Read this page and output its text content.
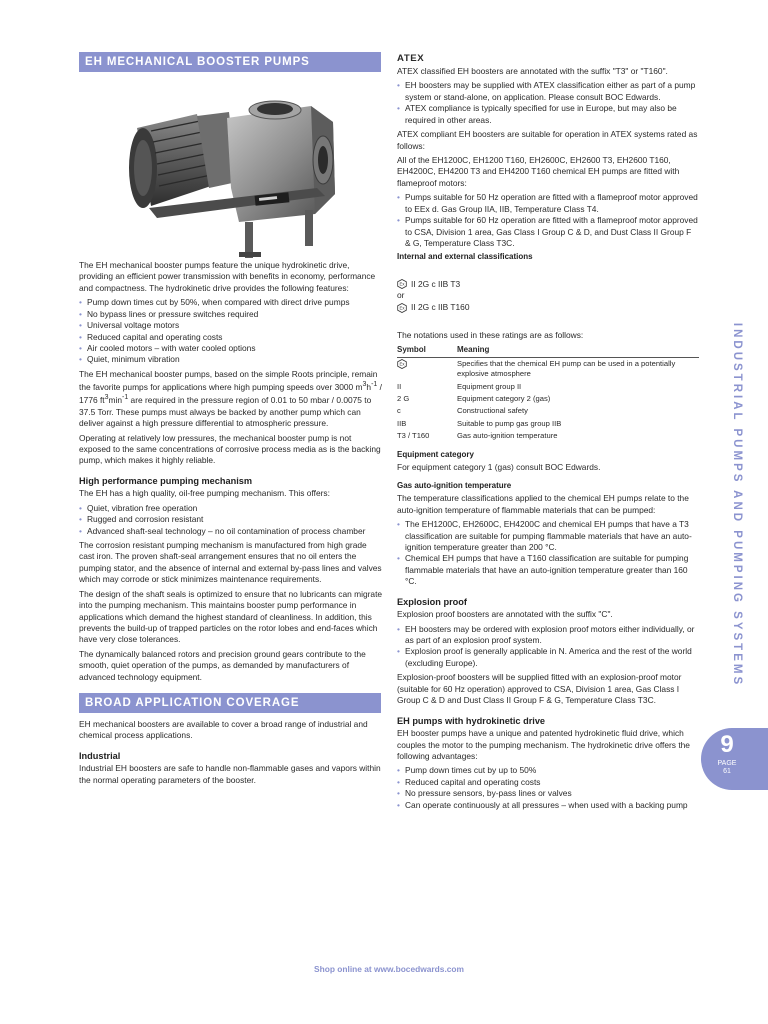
EH MECHANICAL BOOSTER PUMPS

The EH mechanical booster pumps feature the unique hydrokinetic drive, providing an efficient power transmission with benefits in economy, performance and compactness. The hydrokinetic drive provides the following features:

• Pump down times cut by 50%, when compared with direct drive pumps
• No bypass lines or pressure switches required
• Universal voltage motors
• Reduced capital and operating costs
• Air cooled motors – with water cooled options
• Quiet, minimum vibration

The EH mechanical booster pumps, based on the simple Roots principle, remain the favorite pumps for applications where high pumping speeds over 3000 $m^3h^{-1} / 1776$ $ft^3\min^{-1}$ are required in the pressure region of 0.01 to 50 mbar / 0.0075 to 37.5 Torr. These pumps must always be backed by another pump which can deliver against a high pressure differential to atmospheric pressure.

Operating at relatively low pressures, the mechanical booster pump is not exposed to the same concentrations of corrosive process media as is the backing pump, which makes it highly reliable.

High performance pumping mechanism

The EH has a high quality, oil-free pumping mechanism. This offers:

• Quiet, vibration free operation
• Rugged and corrosion resistant
• Advanced shaft-seal technology – no oil contamination of process chamber

The corrosion resistant pumping mechanism is manufactured from high grade cast iron. The proven shaft-seal arrangement ensures that no oil enters the pumping stator, and the absence of internal and external by-pass lines and valves which may corrode or stick minimizes maintenance requirements.

The design of the shaft seals is optimized to ensure that no lubricants can migrate into the pumping mechanism. This maintains booster pump performance in applications which demand the highest standard of cleanliness. In addition, this prevents the build-up of trapped particles on the rotor lobes and end-faces which have very close tolerances.

The dynamically balanced rotors and precision ground gears contribute to the smooth, quiet operation of the pumps, as demanded by manufacturers of advanced technology equipment.

BROAD APPLICATION COVERAGE

EH mechanical boosters are available to cover a broad range of industrial and chemical process applications.

Industrial

Industrial EH boosters are safe to handle non-flammable gases and vapors within the normal operating parameters of the booster.

ATEX

ATEX classified EH boosters are annotated with the suffix "T3" or "T160".

• EH boosters may be supplied with ATEX classification either as part of a pump system or stand-alone, on application. Please consult BOC Edwards.
• ATEX compliance is typically specified for use in Europe, but may also be required in other areas.

ATEX compliant EH boosters are suitable for operation in ATEX systems rated as follows:

All of the EH1200C, EH1200 T160, EH2600C, EH2600 T3, EH2600 T160, EH4200C, EH4200 T3 and EH4200 T160 chemical EH pumps are fitted with flameproof motors:

• Pumps suitable for 50 Hz operation are fitted with a flameproof motor approved to EEx d. Gas Group IIA, IIB, Temperature Class T4.
• Pumps suitable for 60 Hz operation are fitted with a flameproof motor approved to CSA, Division 1 area, Gas Class I Group C & D, and Dust Class II Group F & G, Temperature Class T3C.
Internal and external classifications
Ex II 2G c IIB T3
or
Ex II 2G c IIB T160

The notations used in these ratings are as follows:

Symbol	Meaning

Ex	Specifies that the chemical EH pump can be used in a potentially explosive atmosphere
II	Equipment group II
2 G	Equipment category 2 (gas)
c	Constructional safety
IIB	Suitable to pump gas group IIB
T3 / T160	Gas auto-ignition temperature
Equipment category

For equipment category 1 (gas) consult BOC Edwards.

Gas auto-ignition temperature

The temperature classifications applied to the chemical EH pumps relate to the auto-ignition temperature of flammable materials that can be pumped:

• The EH1200C, EH2600C, EH4200C and chemical EH pumps that have a T3 classification are suitable for pumping flammable materials that have an auto-ignition temperature greater than 200 °C.
• Chemical EH pumps that have a T160 classification are suitable for pumping flammable materials that have an auto-ignition temperature greater than 160 °C.
Explosion proof

Explosion proof boosters are annotated with the suffix "C".

• EH boosters may be ordered with explosion proof motors either individually, or as part of an explosion proof system.
• Explosion proof is generally applicable in N. America and the rest of the world (excluding Europe).

Explosion-proof boosters will be supplied fitted with an explosion-proof motor (suitable for 60 Hz operation) approved to CSA, Division 1 area, Gas Class I Group C & D and Dust Class II Group F & G, Temperature Class T3C.

EH pumps with hydrokinetic drive

EH booster pumps have a unique and patented hydrokinetic fluid drive, which couples the motor to the pumping mechanism. The hydrokinetic drive offers the following advantages:

• Pump down times cut by up to 50%
• Reduced capital and operating costs
• No pressure sensors, by-pass lines or valves
• Can operate continuously at all pressures – when used with a backing pump
INDUSTRIAL PUMPS AND PUMPING SYSTEMS
9
PAGE
61
Shop online at www.bocedwards.com
